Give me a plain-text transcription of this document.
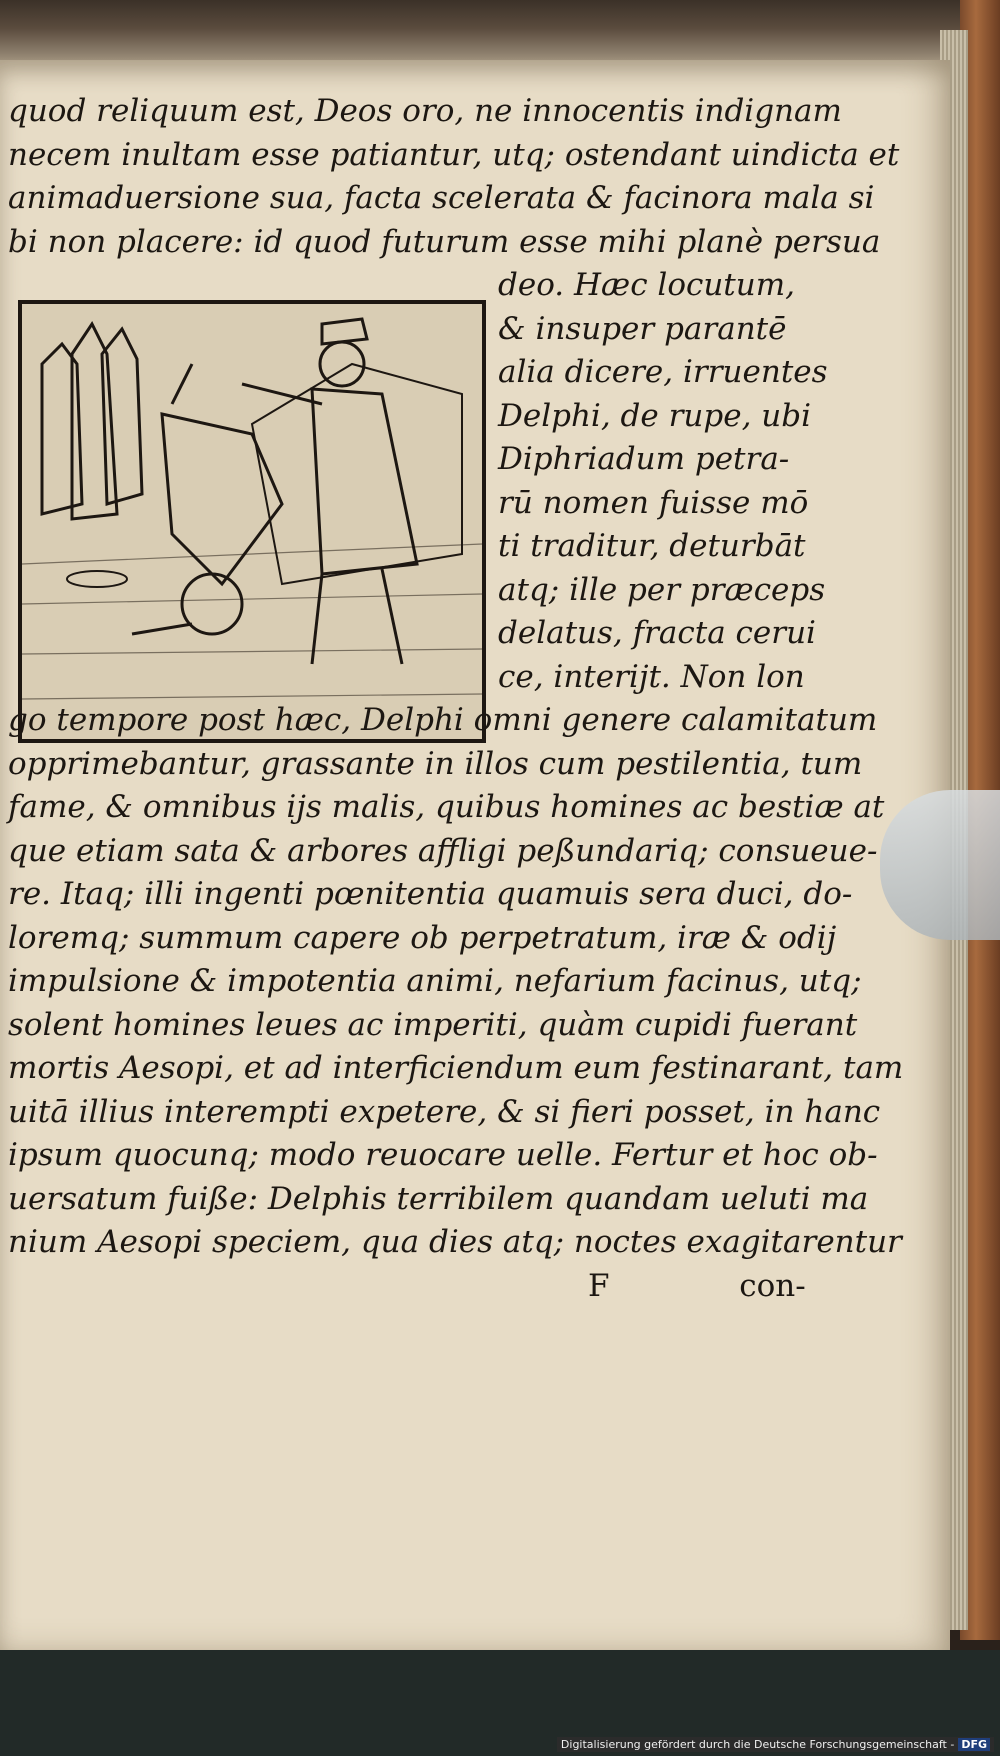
quod reliquum est, Deos oro, ne innocentis indignam
necem inultam esse patiantur, utq; ostendant uindicta et
animaduersione sua, facta scelerata & facinora mala si
bi non placere: id quod futurum esse mihi planè persua
deo. Hæc locutum,
& insuper parantē
alia dicere, irruentes
Delphi, de rupe, ubi
Diphriadum petra-
rū nomen fuisse mō
ti traditur, deturbāt
atq; ille per præceps
delatus, fracta cerui
ce, interijt. Non lon
go tempore post hæc, Delphi omni genere calamitatum
opprimebantur, grassante in illos cum pestilentia, tum
fame, & omnibus ijs malis, quibus homines ac bestiæ at
que etiam sata & arbores affligi peßundariq; consueue-
re. Itaq; illi ingenti pœnitentia quamuis sera duci, do-
loremq; summum capere ob perpetratum, iræ & odij
impulsione & impotentia animi, nefarium facinus, utq;
solent homines leues ac imperiti, quàm cupidi fuerant
mortis Aesopi, et ad interficiendum eum festinarant, tam
uitā illius interempti expetere, & si fieri posset, in hanc
ipsum quocunq; modo reuocare uelle. Fertur et hoc ob-
uersatum fuiße: Delphis terribilem quandam ueluti ma
nium Aesopi speciem, qua dies atq; noctes exagitarentur
F	con-
Digitalisierung gefördert durch die Deutsche Forschungsgemeinschaft - DFG
